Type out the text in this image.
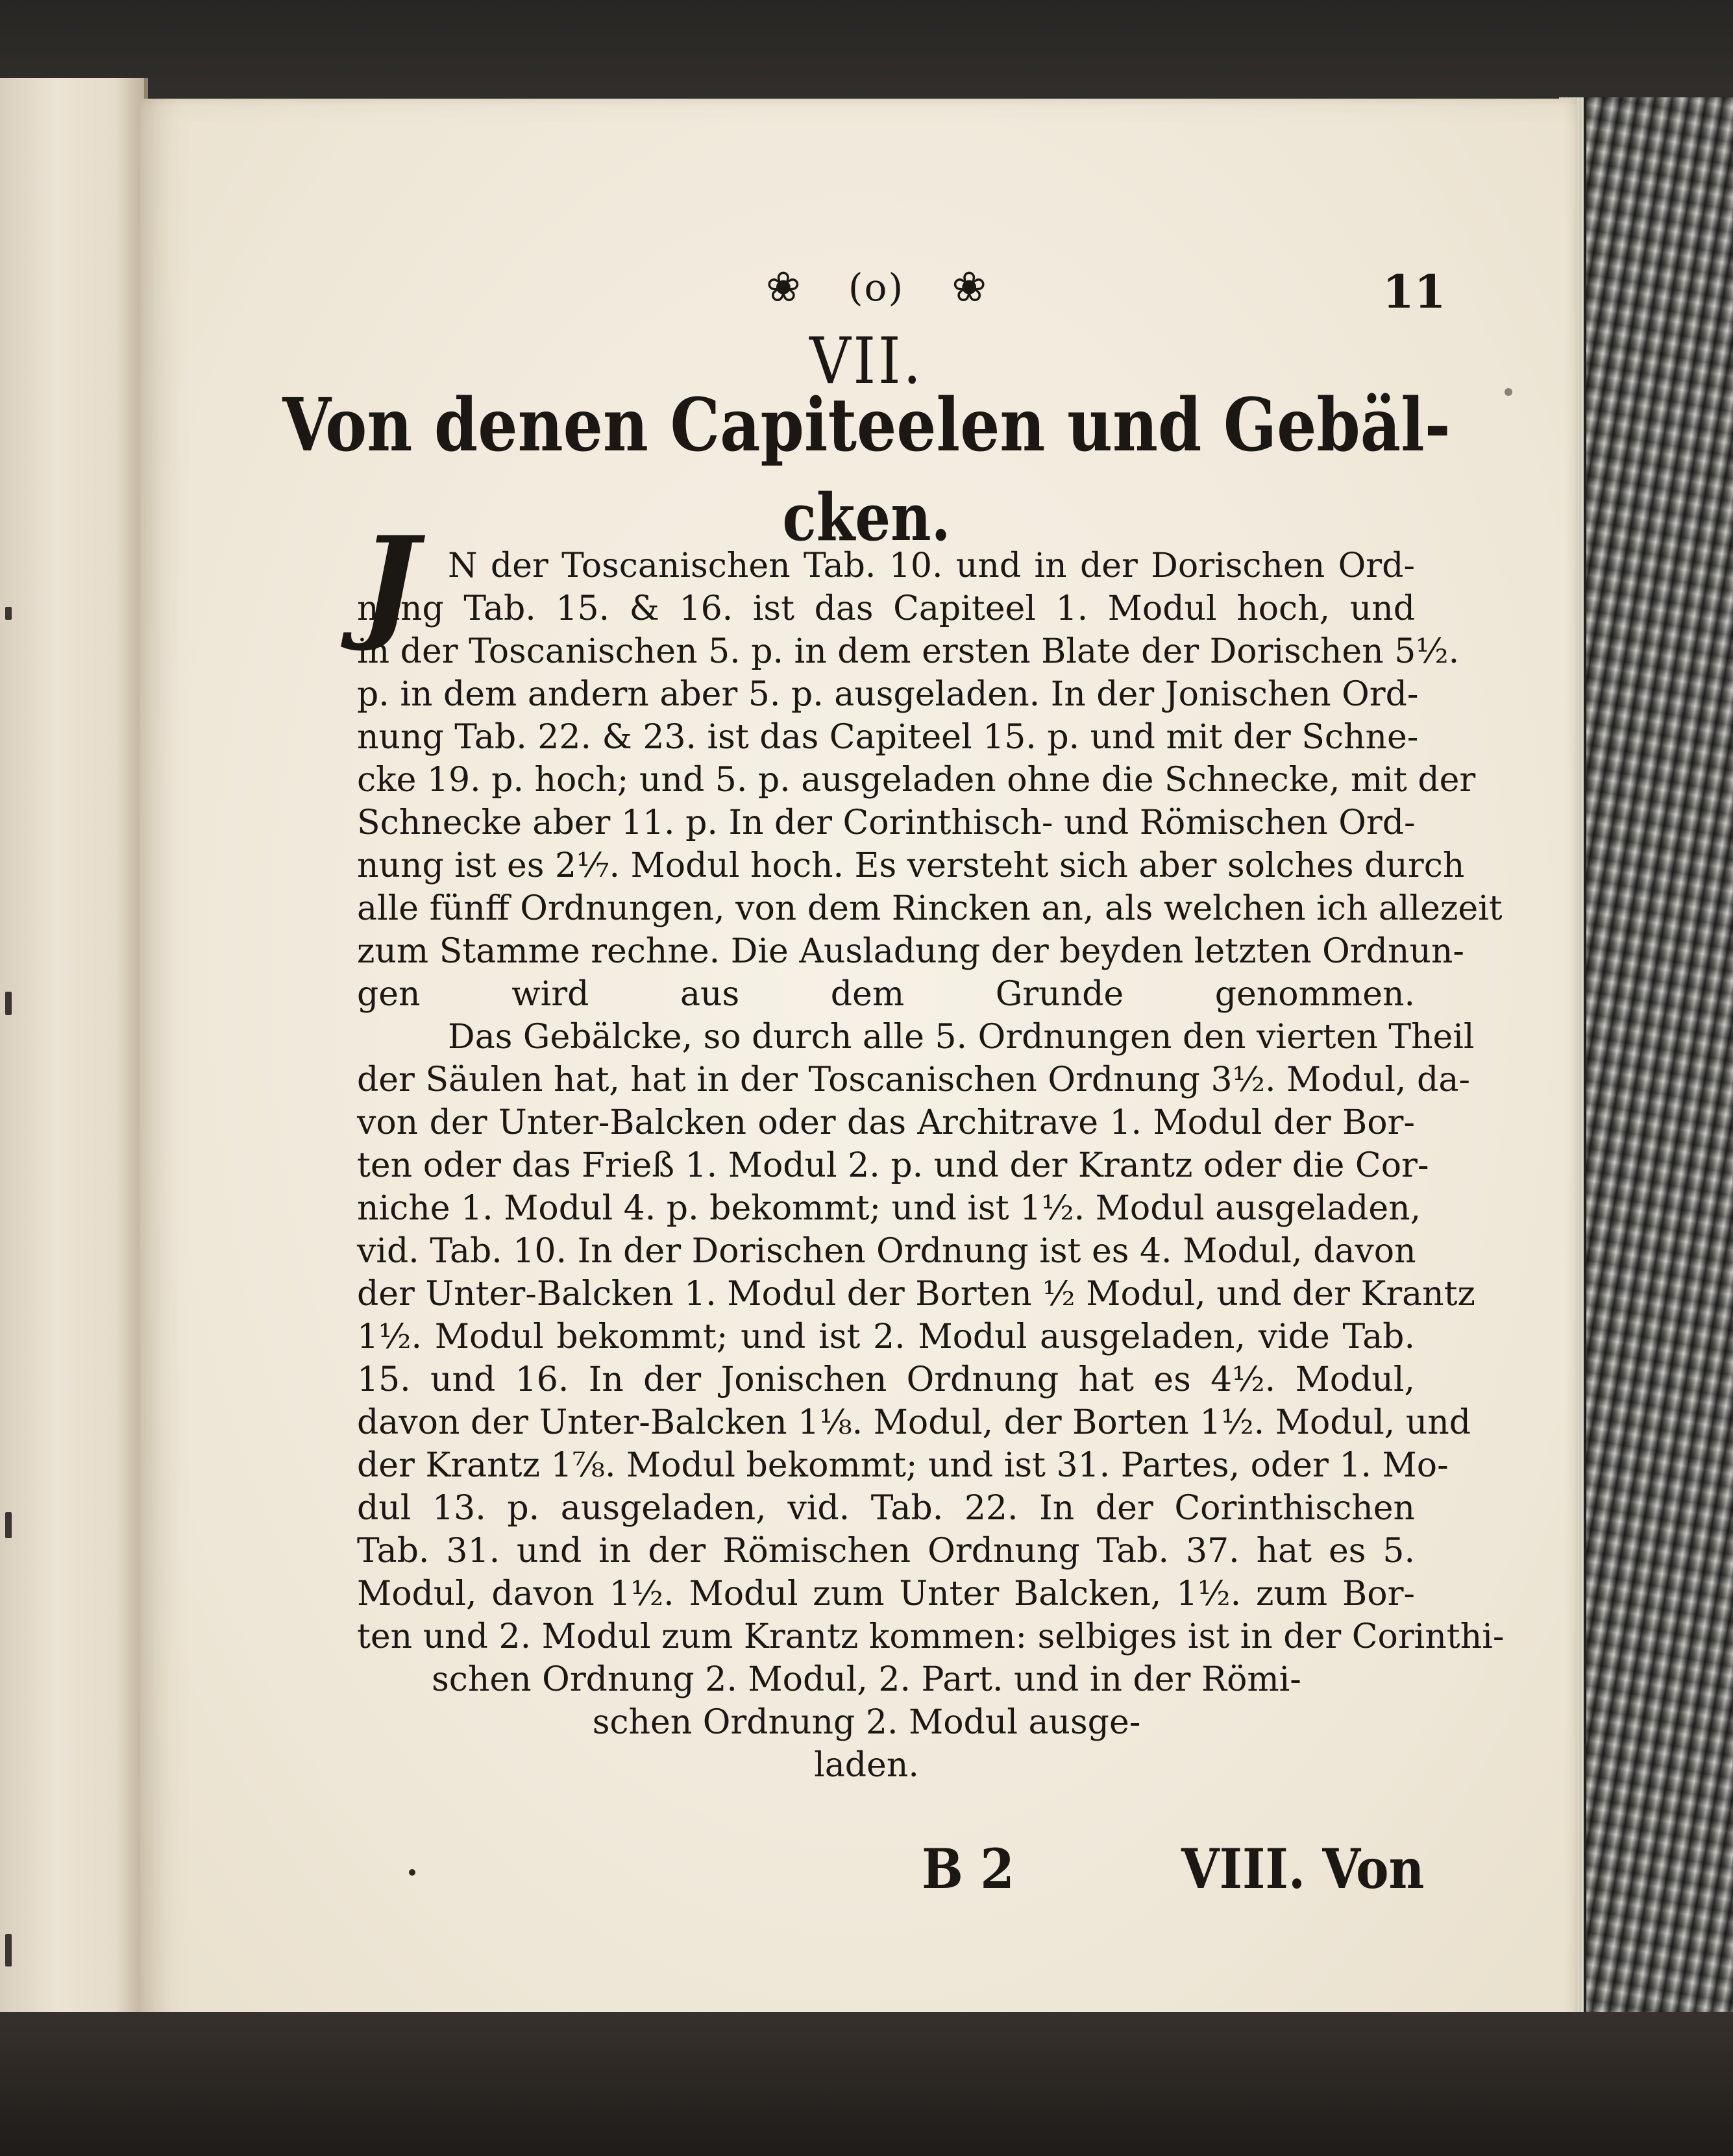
❀ (o) ❀	11
VII.
Von denen Capiteelen und Gebäl-
cken.
J N der Toscanischen Tab. 10. und in der Dorischen Ord-
nung Tab. 15. & 16. ist das Capiteel 1. Modul hoch, und
in der Toscanischen 5. p. in dem ersten Blate der Dorischen 5½.
p. in dem andern aber 5. p. ausgeladen. In der Jonischen Ord-
nung Tab. 22. & 23. ist das Capiteel 15. p. und mit der Schne-
cke 19. p. hoch; und 5. p. ausgeladen ohne die Schnecke, mit der
Schnecke aber 11. p. In der Corinthisch- und Römischen Ord-
nung ist es 2⅐. Modul hoch. Es versteht sich aber solches durch
alle fünff Ordnungen, von dem Rincken an, als welchen ich allezeit
zum Stamme rechne. Die Ausladung der beyden letzten Ordnun-
gen wird aus dem Grunde genommen.
Das Gebälcke, so durch alle 5. Ordnungen den vierten Theil
der Säulen hat, hat in der Toscanischen Ordnung 3½. Modul, da-
von der Unter-Balcken oder das Architrave 1. Modul der Bor-
ten oder das Frieß 1. Modul 2. p. und der Krantz oder die Cor-
niche 1. Modul 4. p. bekommt; und ist 1½. Modul ausgeladen,
vid. Tab. 10. In der Dorischen Ordnung ist es 4. Modul, davon
der Unter-Balcken 1. Modul der Borten ½ Modul, und der Krantz
1½. Modul bekommt; und ist 2. Modul ausgeladen, vide Tab.
15. und 16. In der Jonischen Ordnung hat es 4½. Modul,
davon der Unter-Balcken 1⅛. Modul, der Borten 1½. Modul, und
der Krantz 1⅞. Modul bekommt; und ist 31. Partes, oder 1. Mo-
dul 13. p. ausgeladen, vid. Tab. 22. In der Corinthischen
Tab. 31. und in der Römischen Ordnung Tab. 37. hat es 5.
Modul, davon 1½. Modul zum Unter Balcken, 1½. zum Bor-
ten und 2. Modul zum Krantz kommen: selbiges ist in der Corinthi-
schen Ordnung 2. Modul, 2. Part. und in der Römi-
schen Ordnung 2. Modul ausge-
laden.
B 2	VIII. Von
